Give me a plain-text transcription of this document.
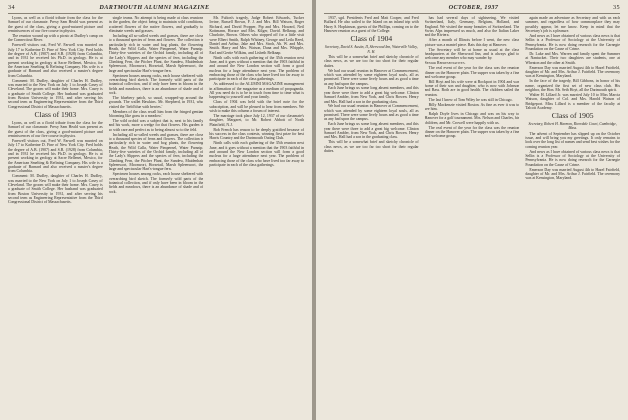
34	DARTMOUTH ALUMNI MAGAZINE

Lyons, as well as a florid tribute from the class for the Samuel of our classmate. Prexy Sam Heald was present as the guest of the class, giving a good-natured picture and reminiscences of our five course in physics.

The reunion wound up with a picnic at Dudley's camp on the Connecticut River.

Farewell visitors out, Fred W. Farwell was married on July 17 to Katherine D. Fine of New York City. Fred holds the degree of A.B. (1907) and S.B. (1928) from Columbia, and in 1931 he received his Ph.D. in geology. He is at present working in geology at Sacre Bellenet, Mexico, for the American Smelting & Refining Company. His wife is a graduate of Barnard and also received a master's degree from Columbia.

Comment: M. Dudley, daughter of Charles H. Dudley, was married to the New York on July 1 to Joseph Casey of Cleveland. The groom will make their home. Mrs. Casey is a graduate of Smith College. Her husband was graduated from Boston University in 1931, and after serving his second term as Engineering Representative from the Third Congressional District of Massachusetts.

Class of 1903

Lyons, as well as a florid tribute from the class for the Samuel of our classmate. Prexy Sam Heald was present as the guest of the class, giving a good-natured picture and reminiscences of our five course in physics.

Farewell visitors out, Fred W. Farwell was married on July 17 to Katherine D. Fine of New York City. Fred holds the degree of A.B. (1907) and S.B. (1928) from Columbia, and in 1931 he received his Ph.D. in geology. He is at present working in geology at Sacre Bellenet, Mexico, for the American Smelting & Refining Company. His wife is a graduate of Barnard and also received a master's degree from Columbia.

Comment: M. Dudley, daughter of Charles H. Dudley, was married to the New York on July 1 to Joseph Casey of Cleveland. The groom will make their home. Mrs. Casey is a graduate of Smith College. Her husband was graduated from Boston University in 1931, and after serving his second term as Engineering Representative from the Third Congressional District of Massachusetts.

single teams. No attempt is being made at class reunions in the garden, the object being to maintain wild conditions, scattered flowers of the native flowers, and gradually to eliminate weeds and grasses.

Including all so-called weeds and grasses, there are close to a thousand species of ferns and flowers. The collection is particularly rich in water and bog plants, the flowering Heath, the Wild Calla, Water Pimpernel, Water Parsnip. Thirty-five varieties of the Orchid family, including all of the Lady's Slippers and the species of fern, including the Climbing Fern, the Pitcher Plant, the Sundew, Maidenhair Spleenwort, Moonwort, Horsetail, Marsh Spleenwort, the large and spectacular Hart's-tongue fern.

Specimen houses among rocks, each house sheltered with overarching bird sketch. The formerly wild parts of the botanical collection, and if only have been in bloom in the fields and meadows, there is an abundance of shade and of rock.

The bluebery patch, so usual, wrapped-up around the grounds. The wallet Hawkins. Mr. Shepherd, in 1931, who visited the 'field blue with berries.'

Members of the class recall him from the fringed gentian 'blooming like grass in a meadow.'

The wild orchid was a subject that is, next to his family and his work, more a wedge for that flowers. His garden is so with care and perfect as to being almost so to the feld.

Including all so-called weeds and grasses, there are close to a thousand species of ferns and flowers. The collection is particularly rich in water and bog plants, the flowering Heath, the Wild Calla, Water Pimpernel, Water Parsnip. Thirty-five varieties of the Orchid family, including all of the Lady's Slippers and the species of fern, including the Climbing Fern, the Pitcher Plant, the Sundew, Maidenhair Spleenwort, Moonwort, Horsetail, Marsh Spleenwort, the large and spectacular Hart's-tongue fern.

Specimen houses among rocks, each house sheltered with overarching bird sketch. The formerly wild parts of the botanical collection, and if only have been in bloom in the fields and meadows, there is an abundance of shade and of rock.

Mr. Fulton's tragedy, Judge Robert Edwards, Tucker Irvine, Russell Brown, F. J. and Mrs. Bill Watson, Roger Richard, and David Propper, Pip and Mrs. Howard, Neil Kottmann, Horace and Mrs. Kilger, David. Belknap, and Charlotte, Brown. Others who stopped off for a little visit were Elbert Smith, Ralph Whitney, George and Leila Reed, Daniel and Arthur, Jake and Mrs. Stroh, Ab. W. and Mrs. Smith. Harry and Mrs. Watson, Dana and Mrs. Whipple, Earl and Gertie Wilkins, and Lisbeth Belknap.

Ninth calls with each gathering of the 35th reunion next June, and it goes without a mention that the 1903 faithful in and around the New London section will form a good nucleus for a large attendance next year. The problem of embracing those of the class who have lived too far away to participate in each of the class gatherings.

As addressed to the ALUMNI MAGAZINE management in affirmation of the magazine as a medium of propaganda. All you need do is to be in touch from time to time what is happening to yourself and your family.

Class of 1904 was held with the brief note for the subscription, and will be pleased to hear from members. We wish to make this column a forum of interest.

The marriage took place July 12, 1937 of our classmate's daughter, Margaret, to Mr. Robert Abbott of North Plainfield, N.J.

Bob French has reason to be deeply gratified because of his success in the class contests, winning first prize for best Harris Country and the Dartmouth Outing Club.

Ninth calls with each gathering of the 35th reunion next June, and it goes without a mention that the 1903 faithful in and around the New London section will form a good nucleus for a large attendance next year. The problem of embracing those of the class who have lived too far away to participate in each of the class gatherings.

OCTOBER, 1937	35

1937, sgd. Presidents Fred and Matt Cooper, and Fred Bullard. He also sailed to the Island on an inland trip with Harry S. Hopkinson, guests of the Phillips, coming on to the Hanover reunion as a guest of the College.

Class of 1904
Secretary, David S. Austin, II, Sherwood Inn, Waterville Valley, N. H.

This will be a somewhat brief and sketchy chronicle of class news, as we are too far too short for their regular duties.

We had our usual reunion in Hanover at Commencement, which was attended by some eighteen loyal souls, all as promised. There were some lively hours and as good a time as any had upon the campus.

Each June brings us some long absent members, and this year there were three to add a great big welcome. Clinton Samuel Ambler, from New York, and Chris Bowen. Henry and Mrs. Hall had a son in the graduating class.

We had our usual reunion in Hanover at Commencement, which was attended by some eighteen loyal souls, all as promised. There were some lively hours and as good a time as any had upon the campus.

Each June brings us some long absent members, and this year there were three to add a great big welcome. Clinton Samuel Ambler, from New York, and Chris Bowen. Henry and Mrs. Hall had a son in the graduating class.

This will be a somewhat brief and sketchy chronicle of class news, as we are too far too short for their regular duties.

has had several days of sightseeing. We visited Switzerland, Italy, Germany, Belgium, Holland, and England. We visited the many beauties of Switzerland. The Swiss Alps impressed us much, and also the Italian Lakes and the Riviera.

After a month of Illinois before I went, the new class picture was a mantel piece. Rats this day at Hanover.

The Secretary will be at home as usual at the class headquarters at the Sherwood Inn, and is always glad to welcome any member who may wander by.

Senior Representatives.

The real event of the year for the class was the reunion dinner on the Hanover plain. The supper was taken by a fine and welcome group.

Bill Hoyt and his wife were at Rockport in 1904 and was home of their son and daughter, who is now with Johnson and Bass. Both are in good health. The children sailed the reunion.

The last I knew of Tom Wiley he was still in Chicago.

Billy Mackenzie visited Boston. As fine as ever it was to see him.

Ralph Doyle lives in Chicago and was on his way to Hanover for a golf tournament. Mrs. Nelson and Charles, his children, and Mr. Crowell were happily with us.

The real event of the year for the class was the reunion dinner on the Hanover plain. The supper was taken by a fine and welcome group.

again made an adventure as Secretary and with us each summer, and regardless of how commonplace they may possibly appear, let me know. Keep in mind that the Secretary's job is a pleasure.

And news as I have obtained of various class news is that Sellin is a Professor of Sociology at the University of Pennsylvania. He is now doing research for the Carnegie Foundation on the Cause of Crime.

Dr. Luke and Mrs. Warren and family spent the Summer at Nantucket. Their two daughters are students, one at Wheaton and the other at Smith.

Emerson Day was married August 4th to Hazel Fairfield, daughter of Mr. and Mrs. Arthur J. Fairfield. The ceremony was at Kensington, Maryland.

In the face of the tragedy, Bill Gibbons, in honor of his name, organized the first set of new class club. His neighbor, the Hon. Mr. Seth Hoyt, all the Dartmouth spirit.

Walter H. Lillard Jr. was married July 10 to Miss Marcia Watson, daughter of Col. and Mrs. Harold Watson of Bridgeport. Miss Lillard is a member of the faculty at Talcott Academy.

Class of 1905
Secretary, Robert H. Harmon, Riverdale Court, Cambridge, Mass.

The advent of September has slipped up on the October issue, and will bring you my greetings. It only remains to look over the long list of names and send best wishes for the coming reunion year.

And news as I have obtained of various class news is that Sellin is a Professor of Sociology at the University of Pennsylvania. He is now doing research for the Carnegie Foundation on the Cause of Crime.

Emerson Day was married August 4th to Hazel Fairfield, daughter of Mr. and Mrs. Arthur J. Fairfield. The ceremony was at Kensington, Maryland.
